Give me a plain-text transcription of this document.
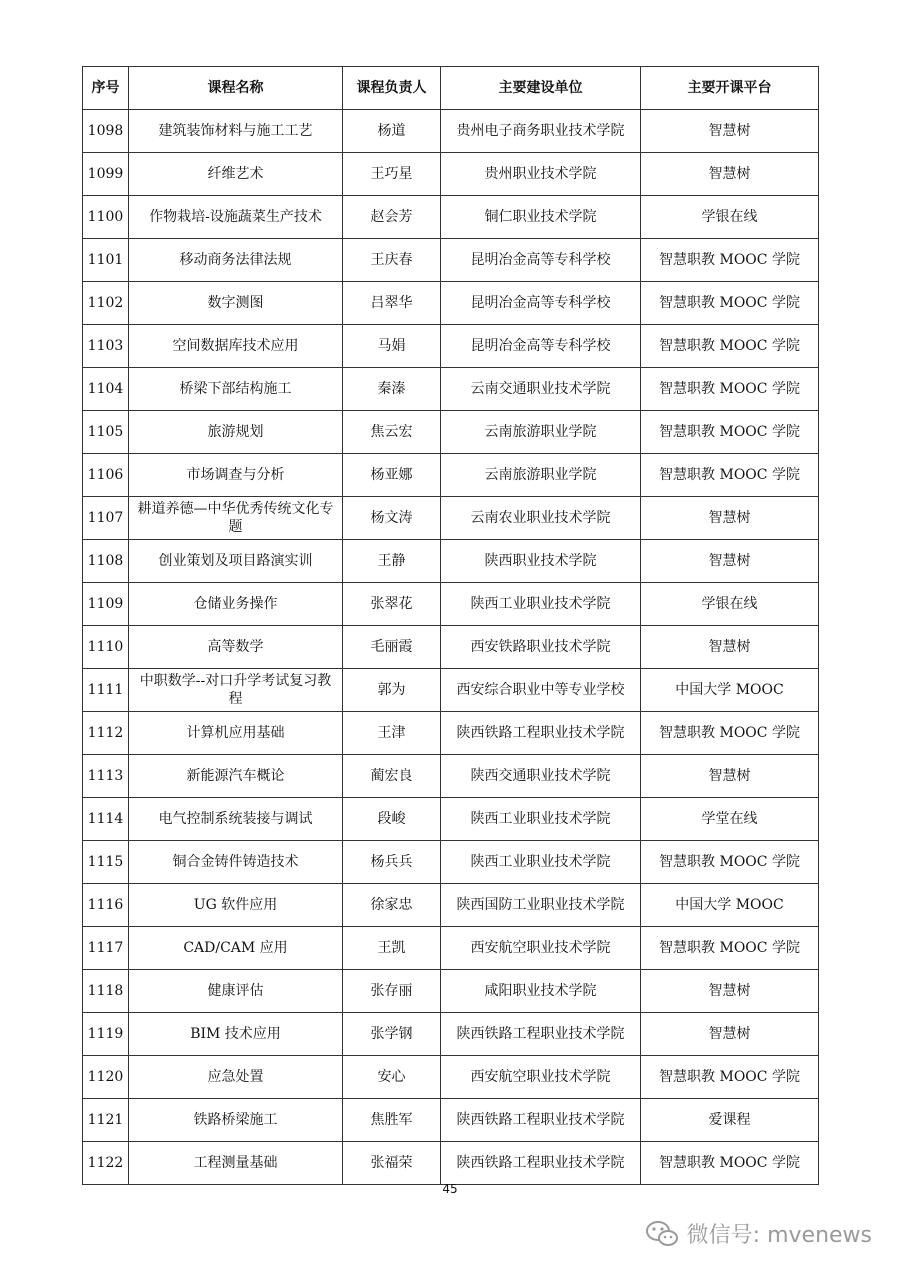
序号	课程名称	课程负责人	主要建设单位	主要开课平台
1098	建筑装饰材料与施工工艺	杨道	贵州电子商务职业技术学院	智慧树
1099	纤维艺术	王巧星	贵州职业技术学院	智慧树
1100	作物栽培-设施蔬菜生产技术	赵会芳	铜仁职业技术学院	学银在线
1101	移动商务法律法规	王庆春	昆明冶金高等专科学校	智慧职教 MOOC 学院
1102	数字测图	吕翠华	昆明冶金高等专科学校	智慧职教 MOOC 学院
1103	空间数据库技术应用	马娟	昆明冶金高等专科学校	智慧职教 MOOC 学院
1104	桥梁下部结构施工	秦溱	云南交通职业技术学院	智慧职教 MOOC 学院
1105	旅游规划	焦云宏	云南旅游职业学院	智慧职教 MOOC 学院
1106	市场调查与分析	杨亚娜	云南旅游职业学院	智慧职教 MOOC 学院
1107	耕道养德—中华优秀传统文化专题	杨文涛	云南农业职业技术学院	智慧树
1108	创业策划及项目路演实训	王静	陕西职业技术学院	智慧树
1109	仓储业务操作	张翠花	陕西工业职业技术学院	学银在线
1110	高等数学	毛丽霞	西安铁路职业技术学院	智慧树
1111	中职数学--对口升学考试复习教程	郭为	西安综合职业中等专业学校	中国大学 MOOC
1112	计算机应用基础	王津	陕西铁路工程职业技术学院	智慧职教 MOOC 学院
1113	新能源汽车概论	蔺宏良	陕西交通职业技术学院	智慧树
1114	电气控制系统装接与调试	段峻	陕西工业职业技术学院	学堂在线
1115	铜合金铸件铸造技术	杨兵兵	陕西工业职业技术学院	智慧职教 MOOC 学院
1116	UG 软件应用	徐家忠	陕西国防工业职业技术学院	中国大学 MOOC
1117	CAD/CAM 应用	王凯	西安航空职业技术学院	智慧职教 MOOC 学院
1118	健康评估	张存丽	咸阳职业技术学院	智慧树
1119	BIM 技术应用	张学钢	陕西铁路工程职业技术学院	智慧树
1120	应急处置	安心	西安航空职业技术学院	智慧职教 MOOC 学院
1121	铁路桥梁施工	焦胜军	陕西铁路工程职业技术学院	爱课程
1122	工程测量基础	张福荣	陕西铁路工程职业技术学院	智慧职教 MOOC 学院
45
微信号: mvenews
